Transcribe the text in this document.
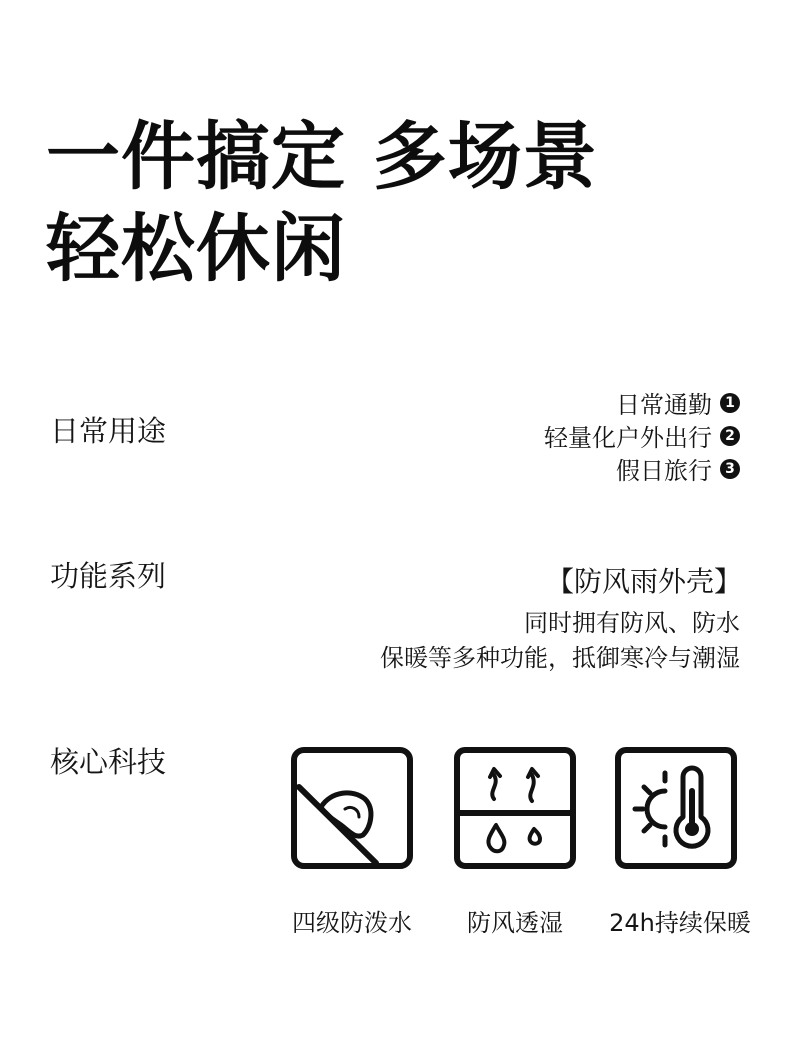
一件搞定 多场景
轻松休闲
日常用途
日常通勤 1
轻量化户外出行 2
假日旅行 3
功能系列	【防风雨外壳】
同时拥有防风、防水
保暖等多种功能，抵御寒冷与潮湿
核心科技
四级防泼水	防风透湿	24h持续保暖
